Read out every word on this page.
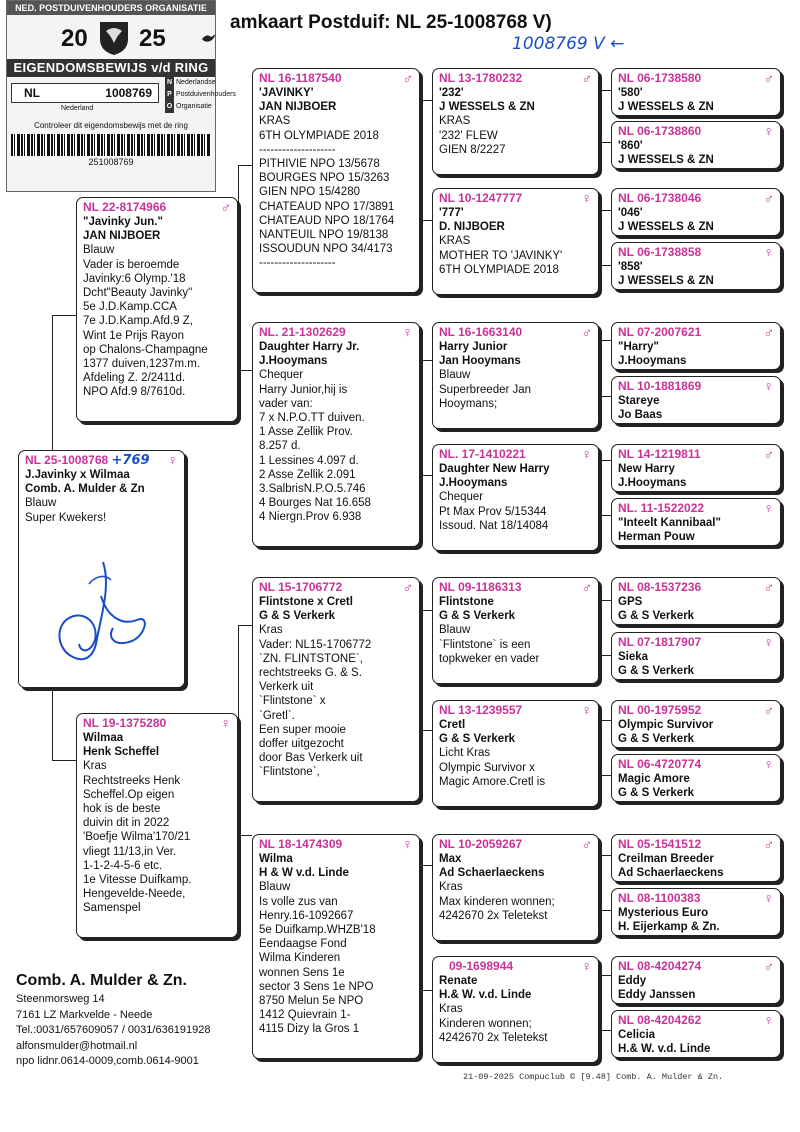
NED. POSTDUIVENHOUDERS ORGANISATIE
20 25
EIGENDOMSBEWIJS v/d RING
NL	1008769
Nederland
N Nederlandse
P Postduivenhouders
O Organisatie
Controleer dit eigendomsbewijs met de ring
251008769
amkaart Postduif: NL 25-1008768 V)
1008769 V ←
NL 25-1008768 +769 ♀
J.Javinky x Wilmaa
Comb. A. Mulder & Zn
Blauw
Super Kwekers!
NL 22-8174966	♂
"Javinky Jun."
JAN NIJBOER
Blauw
Vader is beroemde
Javinky:6 Olymp.'18
Dcht"Beauty Javinky"
5e J.D.Kamp.CCA
7e J.D.Kamp.Afd.9 Z,
Wint 1e Prijs Rayon
op Chalons-Champagne
1377 duiven,1237m.m.
Afdeling Z. 2/2411d.
NPO Afd.9 8/7610d.
NL 19-1375280	♀
Wilmaa
Henk Scheffel
Kras
Rechtstreeks Henk
Scheffel.Op eigen
hok is de beste
duivin dit in 2022
'Boefje Wilma'170/21
vliegt 11/13,in Ver.
1-1-2-4-5-6 etc.
1e Vitesse Duifkamp.
Hengevelde-Neede,
Samenspel
NL 16-1187540	♂
'JAVINKY'
JAN NIJBOER
KRAS
6TH OLYMPIADE 2018
--------------------
PITHIVIE NPO 13/5678
BOURGES NPO 15/3263
GIEN NPO 15/4280
CHATEAUD NPO 17/3891
CHATEAUD NPO 18/1764
NANTEUIL NPO 19/8138
ISSOUDUN NPO 34/4173
--------------------
NL. 21-1302629	♀
Daughter Harry Jr.
J.Hooymans
Chequer
Harry Junior,hij is
vader van:
7 x N.P.O.TT duiven.
1 Asse Zellik Prov.
8.257 d.
1 Lessines 4.097 d.
2 Asse Zellik 2.091
3.SalbrisN.P.O.5.746
4 Bourges Nat 16.658
4 Niergn.Prov 6.938
NL 15-1706772	♂
Flintstone x Cretl
G & S Verkerk
Kras
Vader: NL15-1706772
`ZN. FLINTSTONE`,
rechtstreeks G. & S.
Verkerk uit
`Flintstone` x
`Gretl`.
Een super mooie
doffer uitgezocht
door Bas Verkerk uit
`Flintstone`,
NL 18-1474309	♀
Wilma
H & W v.d. Linde
Blauw
Is volle zus van
Henry.16-1092667
5e Duifkamp.WHZB'18
Eendaagse Fond
Wilma Kinderen
wonnen Sens 1e
sector 3 Sens 1e NPO
8750 Melun 5e NPO
1412 Quievrain 1-
4115 Dizy la Gros 1
NL 13-1780232	♂
'232'
J WESSELS & ZN
KRAS
'232' FLEW
GIEN 8/2227
NL 10-1247777	♀
'777'
D. NIJBOER
KRAS
MOTHER TO 'JAVINKY'
6TH OLYMPIADE 2018
NL 16-1663140	♂
Harry Junior
Jan Hooymans
Blauw
Superbreeder Jan
Hooymans;
NL. 17-1410221	♀
Daughter New Harry
J.Hooymans
Chequer
Pt Max Prov 5/15344
Issoud. Nat 18/14084
NL 09-1186313	♂
Flintstone
G & S Verkerk
Blauw
`Flintstone` is een
topkweker en vader
NL 13-1239557	♀
Cretl
G & S Verkerk
Licht Kras
Olympic Survivor x
Magic Amore.Cretl is
NL 10-2059267	♂
Max
Ad Schaerlaeckens
Kras
Max kinderen wonnen;
4242670 2x Teletekst
09-1698944	♀
Renate
H.& W. v.d. Linde
Kras
Kinderen wonnen;
4242670 2x Teletekst
NL 06-1738580	♂
'580'
J WESSELS & ZN
NL 06-1738860	♀
'860'
J WESSELS & ZN
NL 06-1738046	♂
'046'
J WESSELS & ZN
NL 06-1738858	♀
'858'
J WESSELS & ZN
NL 07-2007621	♂
"Harry"
J.Hooymans
NL 10-1881869	♀
Stareye
Jo Baas
NL 14-1219811	♂
New Harry
J.Hooymans
NL. 11-1522022	♀
"Inteelt Kannibaal"
Herman Pouw
NL 08-1537236	♂
GPS
G & S Verkerk
NL 07-1817907	♀
Sieka
G & S Verkerk
NL 00-1975952	♂
Olympic Survivor
G & S Verkerk
NL 06-4720774	♀
Magic Amore
G & S Verkerk
NL 05-1541512	♂
Creilman Breeder
Ad Schaerlaeckens
NL 08-1100383	♀
Mysterious Euro
H. Eijerkamp & Zn.
NL 08-4204274	♂
Eddy
Eddy Janssen
NL 08-4204262	♀
Celicia
H.& W. v.d. Linde
Comb. A. Mulder & Zn.
Steenmorsweg 14
7161 LZ Markvelde - Neede
Tel.:0031/657609057 / 0031/636191928
alfonsmulder@hotmail.nl
npo lidnr.0614-0009,comb.0614-9001
21-09-2025 Compuclub © [9.48] Comb. A. Mulder & Zn.
